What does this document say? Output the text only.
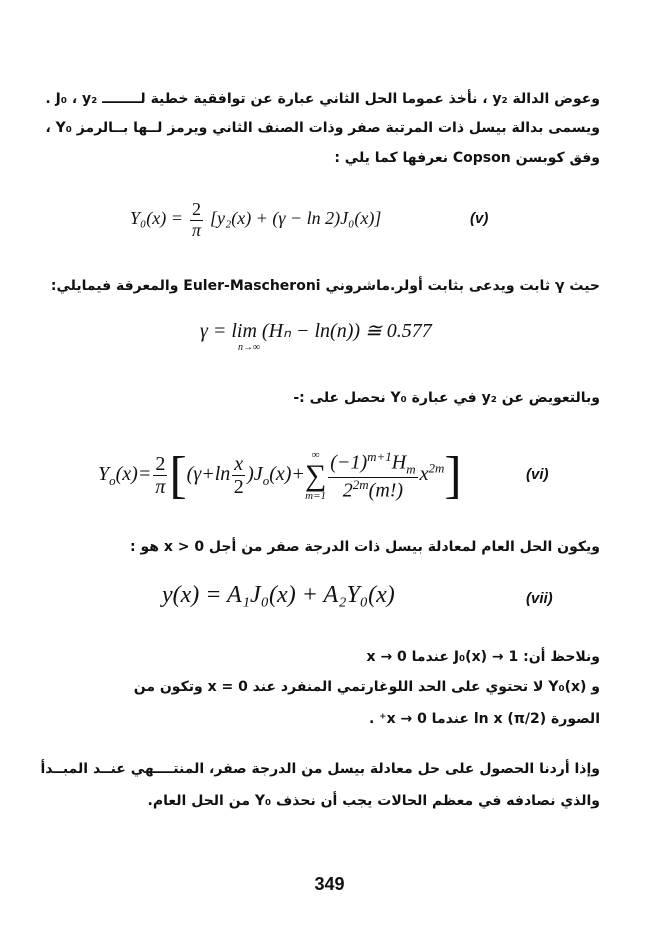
وعوض الدالة y₂ ، نأخذ عموما الحل الثاني عبارة عن توافقية خطية لــــــــ J₀ ، y₂ .
ويسمى بدالة بيسل ذات المرتبة صفر وذات الصنف الثاني ويرمز لــها بــالرمز Y₀ ،
وفق كوبسن Copson نعرفها كما يلي :
$Y_0(x) = \frac{2}{\pi} [y_2(x) + (\gamma - \ln 2)J_0(x)]$	(v)
حيث γ ثابت ويدعى بثابت أولر.ماشروني Euler-Mascheroni والمعرفة فيمايلي:
γ = lim (Hₙ − ln(n)) ≅ 0.577
n→∞
وبالتعويض عن y₂ في عبارة Y₀ نحصل على :-
$Y_o(x)= \frac{2}{\pi} [(\gamma+\ln \frac{x}{2} )J_o(x)+\infty$
∑
$m=1 \frac{(-1)^{m+1}H_m}{2^{2m}(m!)} x^{2m}$]	(vi)
ويكون الحل العام لمعادلة بيسل ذات الدرجة صفر من أجل x > 0 هو :
y(x) = A₁J₀(x) + A₂Y₀(x)	(vii)
ونلاحظ أن: J₀(x) → 1 عندما x → 0
و Y₀(x) لا تحتوي على الحد اللوغارتمي المنفرد عند x = 0 وتكون من
الصورة (2/π) ln x عندما x → 0⁺ .
وإذا أردنا الحصول على حل معادلة بيسل من الدرجة صفر، المنتــــهي عنــد المبــدأ
والذي نصادفه في معظم الحالات يجب أن نحذف Y₀ من الحل العام.
349
